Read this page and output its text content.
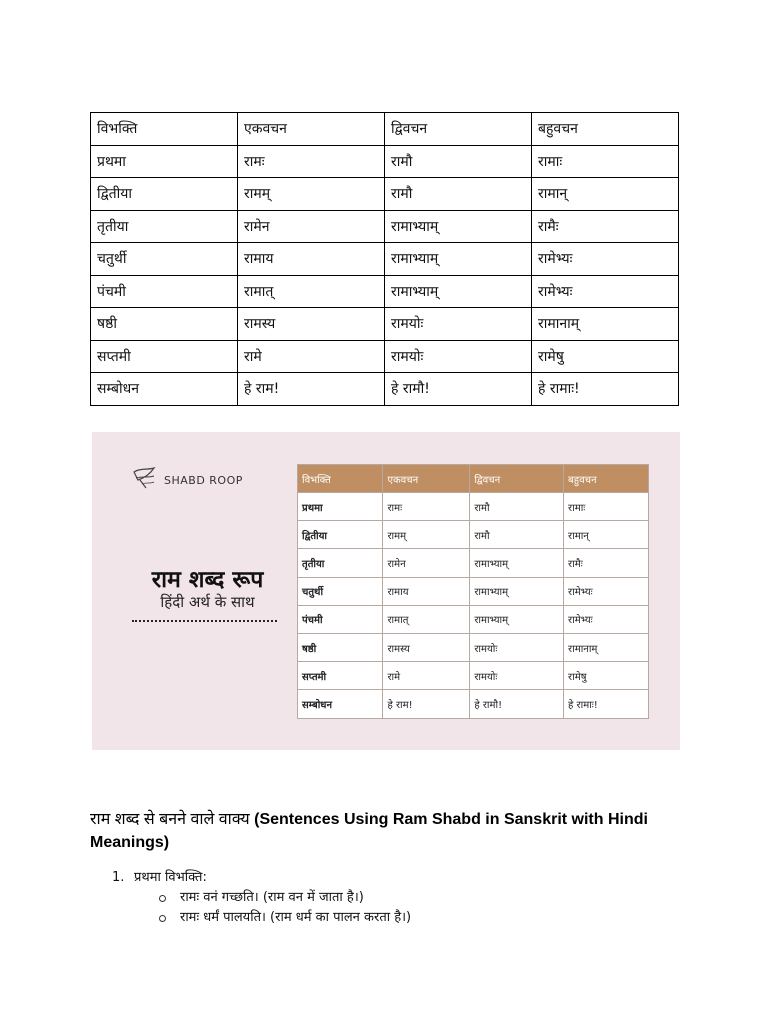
विभक्ति	एकवचन	द्विवचन	बहुवचन
प्रथमा	रामः	रामौ	रामाः
द्वितीया	रामम्	रामौ	रामान्
तृतीया	रामेन	रामाभ्याम्	रामैः
चतुर्थी	रामाय	रामाभ्याम्	रामेभ्यः
पंचमी	रामात्	रामाभ्याम्	रामेभ्यः
षष्ठी	रामस्य	रामयोः	रामानाम्
सप्तमी	रामे	रामयोः	रामेषु
सम्बोधन	हे राम!	हे रामौ!	हे रामाः!
SHABD ROOP
राम शब्द रूप
हिंदी अर्थ के साथ
विभक्ति	एकवचन	द्विवचन	बहुवचन
प्रथमा	रामः	रामौ	रामाः
द्वितीया	रामम्	रामौ	रामान्
तृतीया	रामेन	रामाभ्याम्	रामैः
चतुर्थी	रामाय	रामाभ्याम्	रामेभ्यः
पंचमी	रामात्	रामाभ्याम्	रामेभ्यः
षष्ठी	रामस्य	रामयोः	रामानाम्
सप्तमी	रामे	रामयोः	रामेषु
सम्बोधन	हे राम!	हे रामौ!	हे रामाः!
राम शब्द से बनने वाले वाक्य (Sentences Using Ram Shabd in Sanskrit with Hindi Meanings)
1. प्रथमा विभक्ति:
रामः वनं गच्छति। (राम वन में जाता है।)
रामः धर्मं पालयति। (राम धर्म का पालन करता है।)
